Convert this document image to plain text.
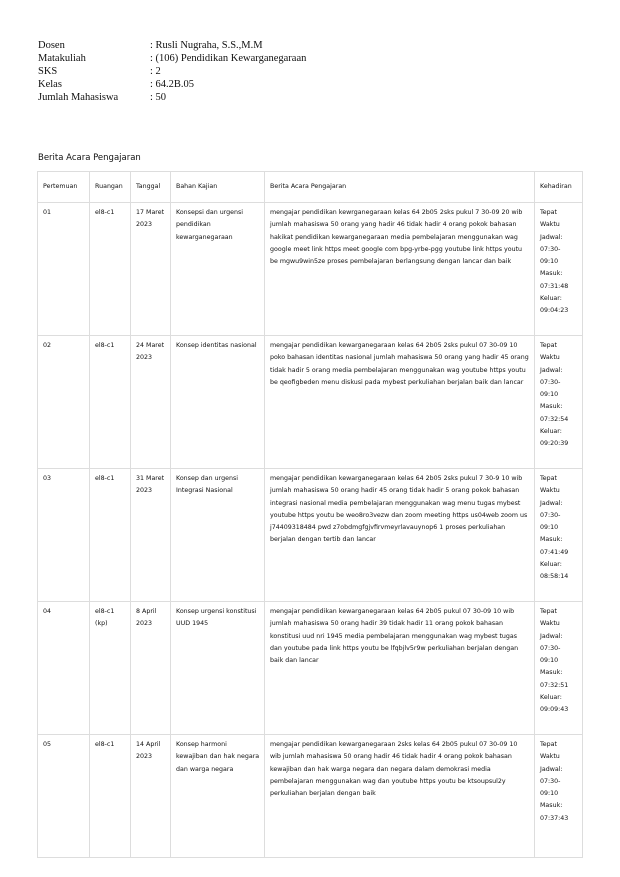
Dosen	: Rusli Nugraha, S.S.,M.M
Matakuliah	: (106) Pendidikan Kewarganegaraan
SKS	: 2
Kelas	: 64.2B.05
Jumlah Mahasiswa	: 50
Berita Acara Pengajaran
Pertemuan	Ruangan	Tanggal	Bahan Kajian	Berita Acara Pengajaran	Kehadiran
01	el8-c1	17 Maret 2023	Konsepsi dan urgensi pendidikan kewarganegaraan	mengajar pendidikan kewrganegaraan kelas 64 2b05 2sks pukul 7 30-09 20 wib jumlah mahasiswa 50 orang yang hadir 46 tidak hadir 4 orang pokok bahasan hakikat pendidikan kewarganegaraan media pembelajaran menggunakan wag google meet link https meet google com bpg-yrbe-pgg youtube link https youtu be mgwu9win5ze proses pembelajaran berlangsung dengan lancar dan baik	Tepat Waktu Jadwal: 07:30-09:10 Masuk: 07:31:48 Keluar: 09:04:23
02	el8-c1	24 Maret 2023	Konsep identitas nasional	mengajar pendidikan kewarganegaraan kelas 64 2b05 2sks pukul 07 30-09 10 poko bahasan identitas nasional jumlah mahasiswa 50 orang yang hadir 45 orang tidak hadir 5 orang media pembelajaran menggunakan wag youtube https youtu be qeofigbeden menu diskusi pada mybest perkuliahan berjalan baik dan lancar	Tepat Waktu Jadwal: 07:30-09:10 Masuk: 07:32:54 Keluar: 09:20:39
03	el8-c1	31 Maret 2023	Konsep dan urgensi Integrasi Nasional	mengajar pendidikan kewarganegaraan kelas 64 2b05 2sks pukul 7 30-9 10 wib jumlah mahasiswa 50 orang hadir 45 orang tidak hadir 5 orang pokok bahasan integrasi nasional media pembelajaran menggunakan wag menu tugas mybest youtube https youtu be weo8ro3vezw dan zoom meeting https us04web zoom us j74409318484 pwd z7obdmgfgjvfirvmeyrlavauynop6 1 proses perkuliahan berjalan dengan tertib dan lancar	Tepat Waktu Jadwal: 07:30-09:10 Masuk: 07:41:49 Keluar: 08:58:14
04	el8-c1 (kp)	8 April 2023	Konsep urgensi konstitusi UUD 1945	mengajar pendidikan kewarganegaraan kelas 64 2b05 pukul 07 30-09 10 wib jumlah mahasiswa 50 orang hadir 39 tidak hadir 11 orang pokok bahasan konstitusi uud nri 1945 media pembelajaran menggunakan wag mybest tugas dan youtube pada link https youtu be lfqbjlv5r9w perkuliahan berjalan dengan baik dan lancar	Tepat Waktu Jadwal: 07:30-09:10 Masuk: 07:32:51 Keluar: 09:09:43
05	el8-c1	14 April 2023	Konsep harmoni kewajiban dan hak negara dan warga negara	mengajar pendidikan kewarganegaraan 2sks kelas 64 2b05 pukul 07 30-09 10 wib jumlah mahasiswa 50 orang hadir 46 tidak hadir 4 orang pokok bahasan kewajiban dan hak warga negara dan negara dalam demokrasi media pembelajaran menggunakan wag dan youtube https youtu be ktsoupsul2y perkuliahan berjalan dengan baik	Tepat Waktu Jadwal: 07:30-09:10 Masuk: 07:37:43
